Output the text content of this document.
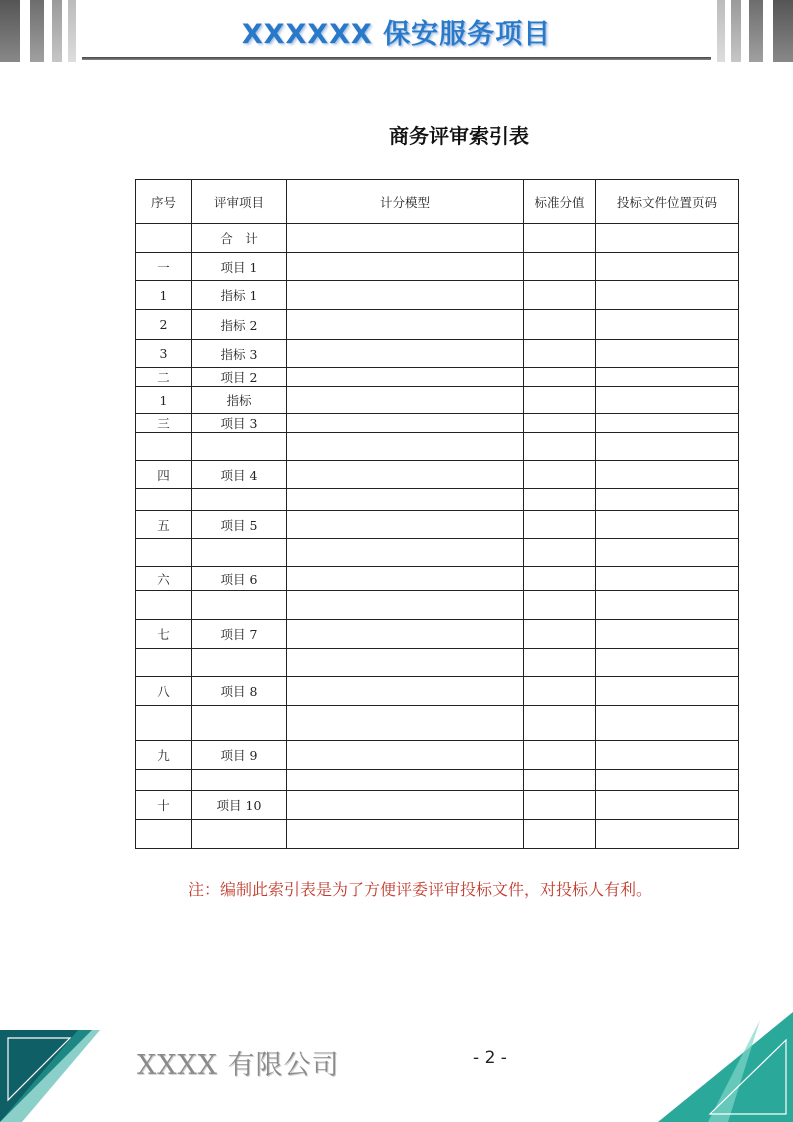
XXXXXX 保安服务项目
商务评审索引表
序号	评审项目	计分模型	标准分值	投标文件位置页码
	合　计			
一	项目 1			
1	指标 1			
2	指标 2			
3	指标 3			
二	项目 2			
1	指标			
三	项目 3			

四	项目 4			

五	项目 5			

六	项目 6			

七	项目 7			

八	项目 8			

九	项目 9			

十	项目 10			

注：编制此索引表是为了方便评委评审投标文件，对投标人有利。
XXXX 有限公司	- 2 -
